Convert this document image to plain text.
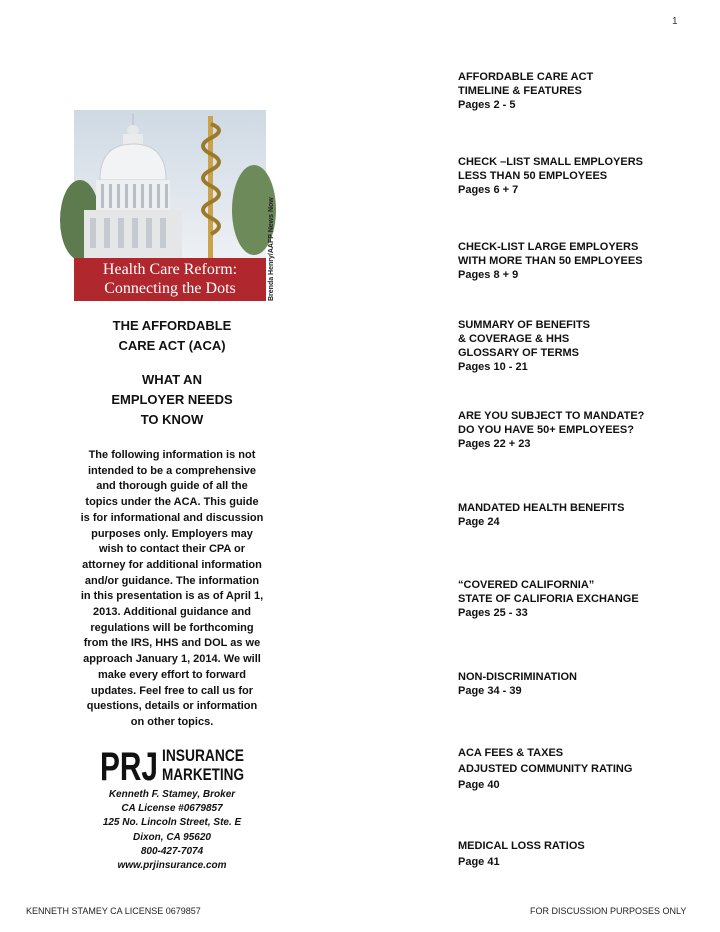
1
Health Care Reform:
Connecting the Dots	Brenda Henry/AAFP News Now
THE AFFORDABLE
CARE ACT (ACA)
WHAT AN
EMPLOYER NEEDS
TO KNOW
The following information is not
intended to be a comprehensive
and thorough guide of all the
topics under the ACA. This guide
is for informational and discussion
purposes only. Employers may
wish to contact their CPA or
attorney for additional information
and/or guidance. The information
in this presentation is as of April 1,
2013. Additional guidance and
regulations will be forthcoming
from the IRS, HHS and DOL as we
approach January 1, 2014. We will
make every effort to forward
updates. Feel free to call us for
questions, details or information
on other topics.
PRJ INSURANCE
MARKETING
Kenneth F. Stamey, Broker
CA License #0679857
125 No. Lincoln Street, Ste. E
Dixon, CA 95620
800-427-7074
www.prjinsurance.com
AFFORDABLE CARE ACT
TIMELINE & FEATURES
Pages 2 - 5
CHECK –LIST SMALL EMPLOYERS
LESS THAN 50 EMPLOYEES
Pages 6 + 7
CHECK-LIST LARGE EMPLOYERS
WITH MORE THAN 50 EMPLOYEES
Pages 8 + 9
SUMMARY OF BENEFITS
& COVERAGE & HHS
GLOSSARY OF TERMS
Pages 10 - 21
ARE YOU SUBJECT TO MANDATE?
DO YOU HAVE 50+ EMPLOYEES?
Pages 22 + 23
MANDATED HEALTH BENEFITS
Page 24
“COVERED CALIFORNIA”
STATE OF CALIFORIA EXCHANGE
Pages 25 - 33
NON-DISCRIMINATION
Page 34 - 39
ACA FEES & TAXES
ADJUSTED COMMUNITY RATING
Page 40
MEDICAL LOSS RATIOS
Page 41
KENNETH STAMEY CA LICENSE 0679857	FOR DISCUSSION PURPOSES ONLY
